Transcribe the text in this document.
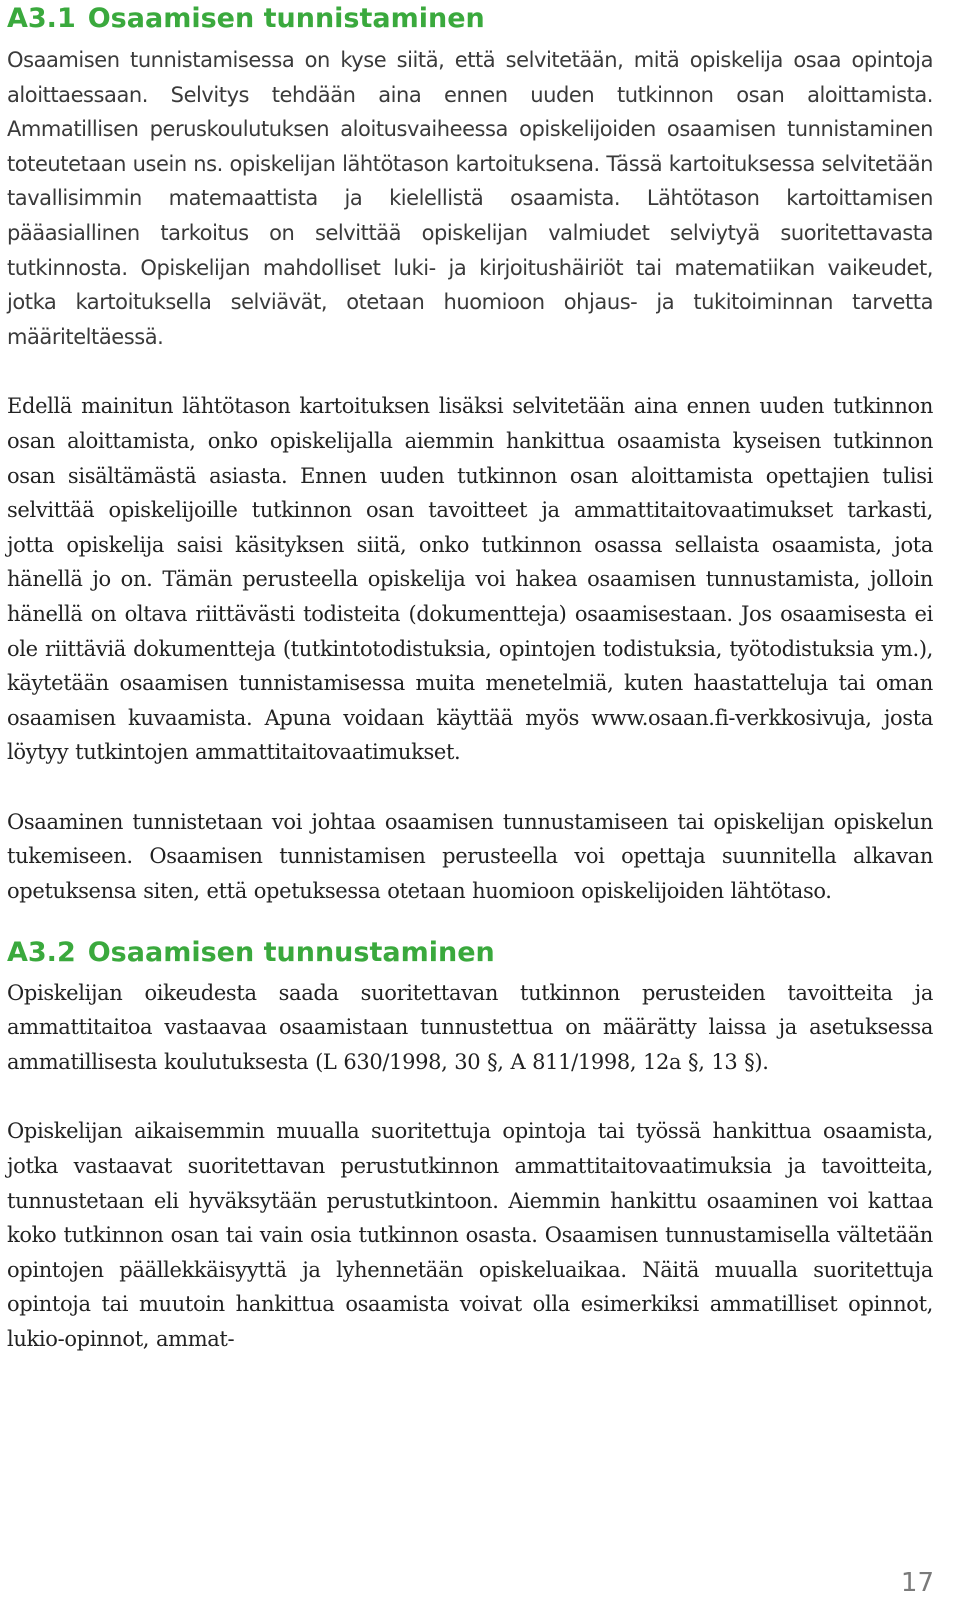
A3.1 Osaamisen tunnistaminen

Osaamisen tunnistamisessa on kyse siitä, että selvitetään, mitä opiskelija osaa opintoja aloittaessaan. Selvitys tehdään aina ennen uuden tutkinnon osan aloittamista. Ammatillisen peruskoulutuksen aloitusvaiheessa opiskelijoiden osaamisen tunnistaminen toteutetaan usein ns. opiskelijan lähtötason kartoituksena. Tässä kartoituksessa selvitetään tavallisimmin matemaattista ja kielellistä osaamista. Lähtötason kartoittamisen pääasiallinen tarkoitus on selvittää opiskelijan valmiudet selviytyä suoritettavasta tutkinnosta. Opiskelijan mahdolliset luki- ja kirjoitushäiriöt tai matematiikan vaikeudet, jotka kartoituksella selviävät, otetaan huomioon ohjaus- ja tukitoiminnan tarvetta määriteltäessä.

Edellä mainitun lähtötason kartoituksen lisäksi selvitetään aina ennen uuden tutkinnon osan aloittamista, onko opiskelijalla aiemmin hankittua osaamista kyseisen tutkinnon osan sisältämästä asiasta. Ennen uuden tutkinnon osan aloittamista opettajien tulisi selvittää opiskelijoille tutkinnon osan tavoitteet ja ammattitaitovaatimukset tarkasti, jotta opiskelija saisi käsityksen siitä, onko tutkinnon osassa sellaista osaamista, jota hänellä jo on. Tämän perusteella opiskelija voi hakea osaamisen tunnustamista, jolloin hänellä on oltava riittävästi todisteita (dokumentteja) osaamisestaan. Jos osaamisesta ei ole riittäviä dokumentteja (tutkintotodistuksia, opintojen todistuksia, työtodistuksia ym.), käytetään osaamisen tunnistamisessa muita menetelmiä, kuten haastatteluja tai oman osaamisen kuvaamista. Apuna voidaan käyttää myös www.osaan.fi-verkkosivuja, josta löytyy tutkintojen ammattitaitovaatimukset.

Osaaminen tunnistetaan voi johtaa osaamisen tunnustamiseen tai opiskelijan opiskelun tukemiseen. Osaamisen tunnistamisen perusteella voi opettaja suunnitella alkavan opetuksensa siten, että opetuksessa otetaan huomioon opiskelijoiden lähtötaso.

A3.2 Osaamisen tunnustaminen

Opiskelijan oikeudesta saada suoritettavan tutkinnon perusteiden tavoitteita ja ammattitaitoa vastaavaa osaamistaan tunnustettua on määrätty laissa ja asetuksessa ammatillisesta koulutuksesta (L 630/1998, 30 §, A 811/1998, 12a §, 13 §).

Opiskelijan aikaisemmin muualla suoritettuja opintoja tai työssä hankittua osaamista, jotka vastaavat suoritettavan perustutkinnon ammattitaitovaatimuksia ja tavoitteita, tunnustetaan eli hyväksytään perustutkintoon. Aiemmin hankittu osaaminen voi kattaa koko tutkinnon osan tai vain osia tutkinnon osasta. Osaamisen tunnustamisella vältetään opintojen päällekkäisyyttä ja lyhennetään opiskeluaikaa. Näitä muualla suoritettuja opintoja tai muutoin hankittua osaamista voivat olla esimerkiksi ammatilliset opinnot, lukio-opinnot, ammat-

17
